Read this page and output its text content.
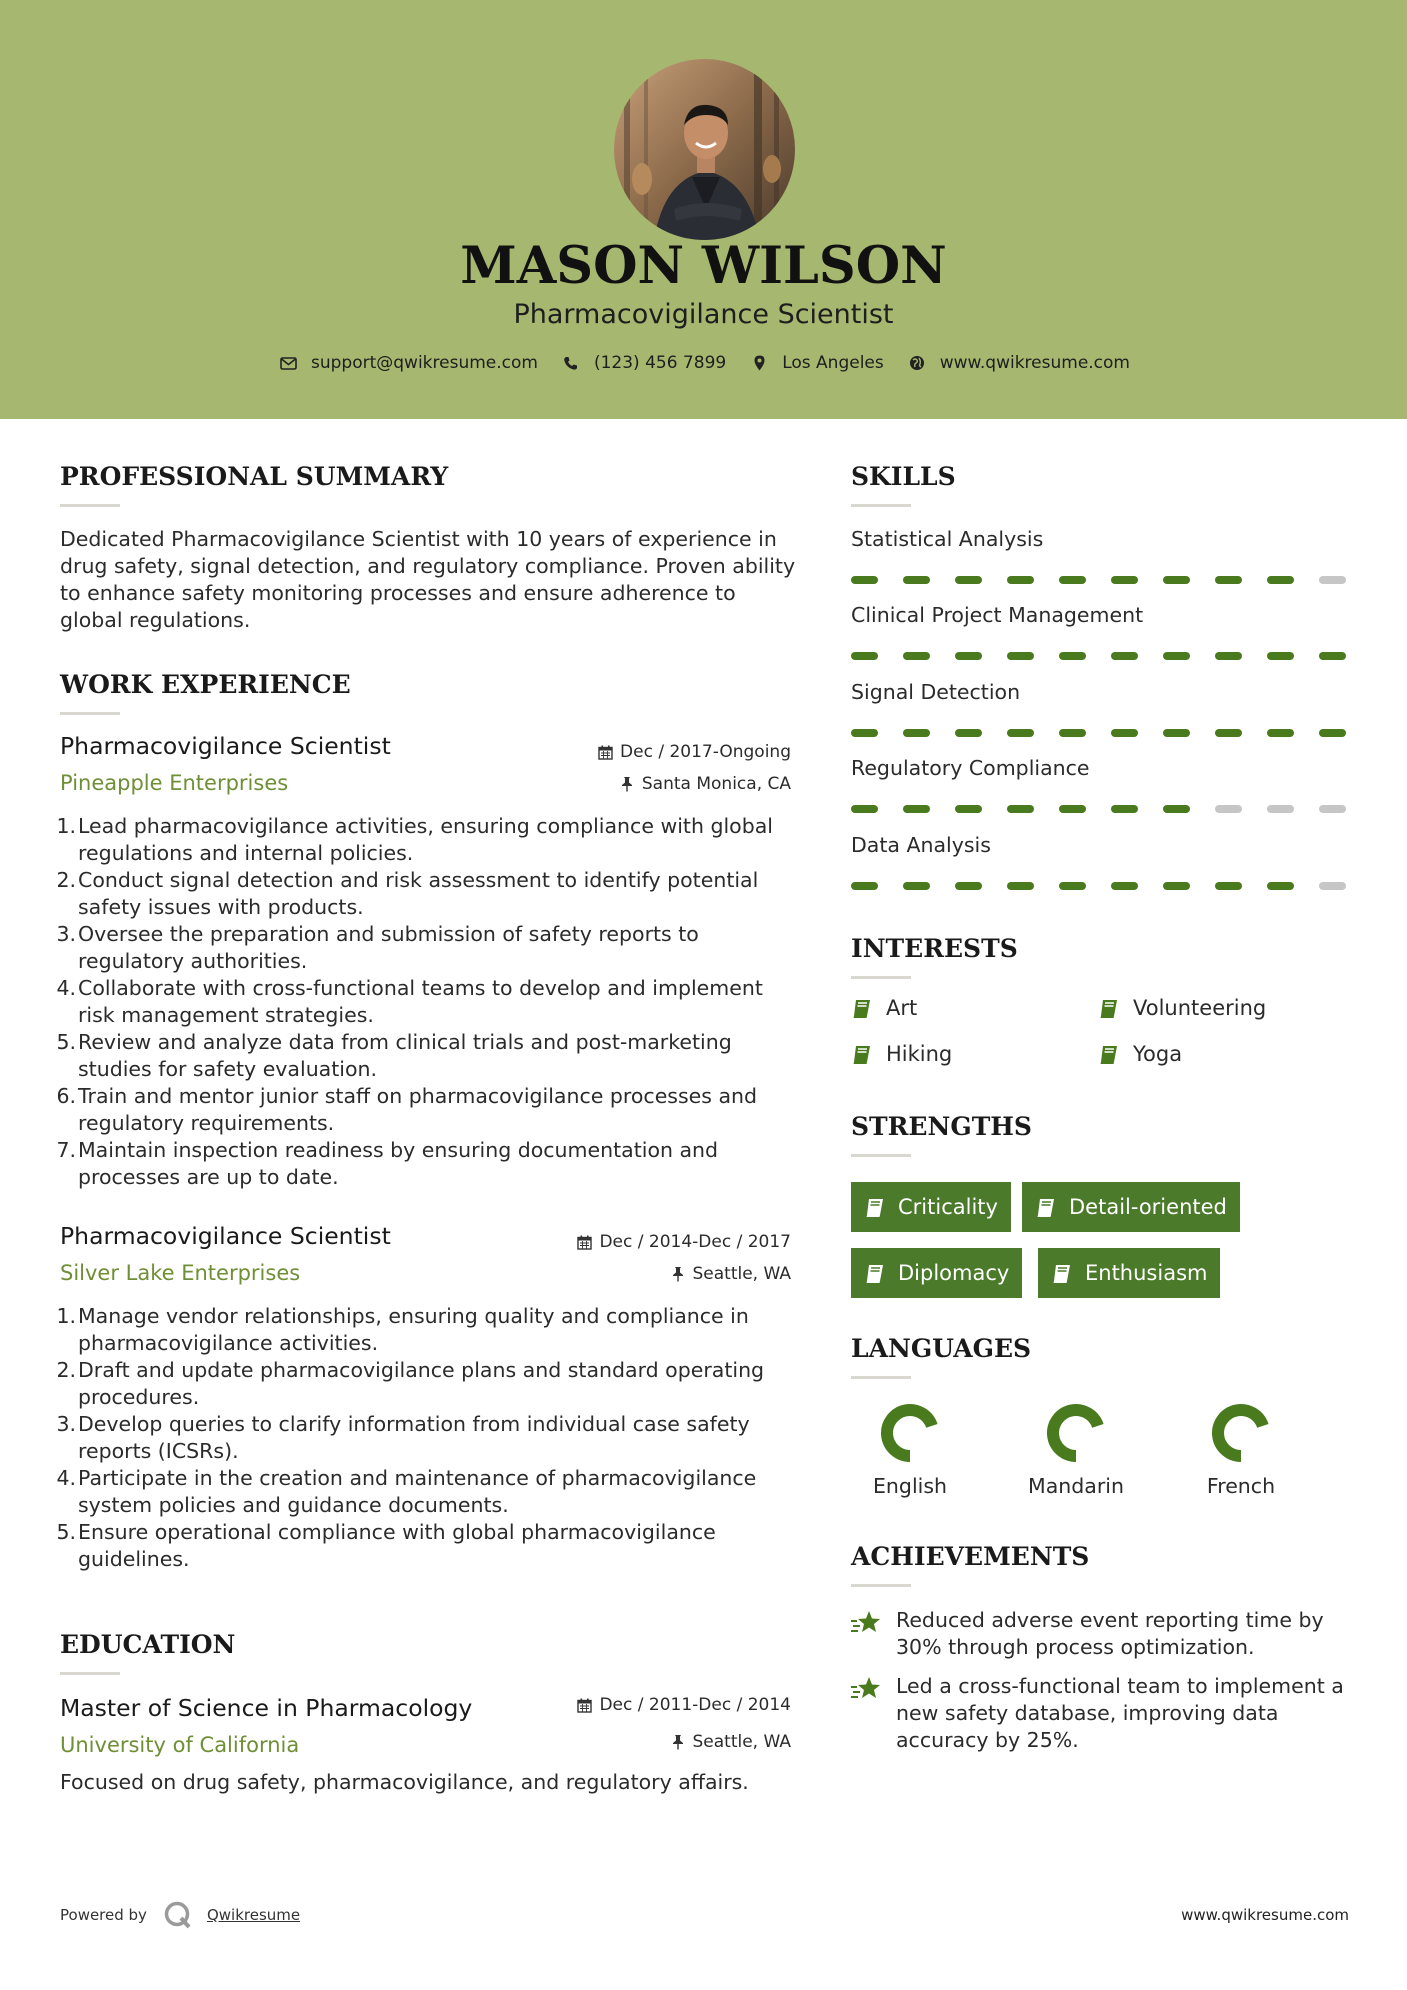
MASON WILSON
Pharmacovigilance Scientist
support@qwikresume.com	(123) 456 7899	Los Angeles	www.qwikresume.com
PROFESSIONAL SUMMARY
Dedicated Pharmacovigilance Scientist with 10 years of experience in drug safety, signal detection, and regulatory compliance. Proven ability to enhance safety monitoring processes and ensure adherence to global regulations.
WORK EXPERIENCE
Pharmacovigilance Scientist
Pineapple Enterprises
Dec / 2017-Ongoing
Santa Monica, CA
1. Lead pharmacovigilance activities, ensuring compliance with global regulations and internal policies.
2. Conduct signal detection and risk assessment to identify potential safety issues with products.
3. Oversee the preparation and submission of safety reports to regulatory authorities.
4. Collaborate with cross-functional teams to develop and implement risk management strategies.
5. Review and analyze data from clinical trials and post-marketing studies for safety evaluation.
6. Train and mentor junior staff on pharmacovigilance processes and regulatory requirements.
7. Maintain inspection readiness by ensuring documentation and processes are up to date.
Pharmacovigilance Scientist
Silver Lake Enterprises
Dec / 2014-Dec / 2017
Seattle, WA
1. Manage vendor relationships, ensuring quality and compliance in pharmacovigilance activities.
2. Draft and update pharmacovigilance plans and standard operating procedures.
3. Develop queries to clarify information from individual case safety reports (ICSRs).
4. Participate in the creation and maintenance of pharmacovigilance system policies and guidance documents.
5. Ensure operational compliance with global pharmacovigilance guidelines.
EDUCATION
Master of Science in Pharmacology
University of California
Dec / 2011-Dec / 2014
Seattle, WA
Focused on drug safety, pharmacovigilance, and regulatory affairs.
SKILLS
Statistical Analysis
Clinical Project Management
Signal Detection
Regulatory Compliance
Data Analysis
INTERESTS
Art	Volunteering
Hiking	Yoga
STRENGTHS
Criticality	Detail-oriented
Diplomacy	Enthusiasm
LANGUAGES
English	Mandarin	French
ACHIEVEMENTS
Reduced adverse event reporting time by 30% through process optimization.
Led a cross-functional team to implement a new safety database, improving data accuracy by 25%.
Powered by	Qwikresume	www.qwikresume.com
